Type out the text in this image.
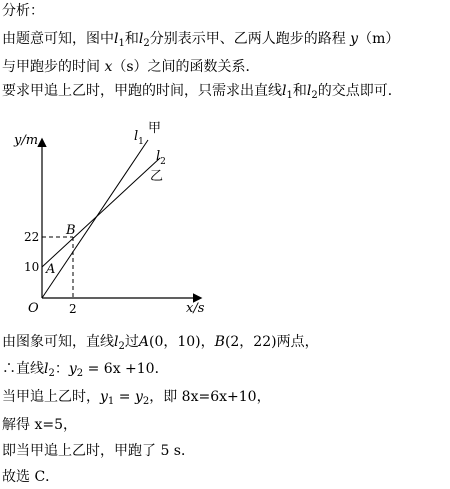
分析：
由题意可知，图中$l_1$和$l_2$分别表示甲、乙两人跑步的路程 y（m）
与甲跑步的时间 x（s）之间的函数关系．
要求甲追上乙时，甲跑的时间，只需求出直线$l_1$和$l_2$的交点即可．
y/m
x/s
O
22
10
2
A
B
$l_1$
甲
$l_2$
乙
由图象可知，直线$l_2$过A(0，10)，B(2，22)两点，
∴直线$l_2$：$y_2 = 6x +10$．
当甲追上乙时，$y_1 = y_2$，即 8x=6x+10，
解得 x=5，
即当甲追上乙时，甲跑了 5 s．
故选 C．
